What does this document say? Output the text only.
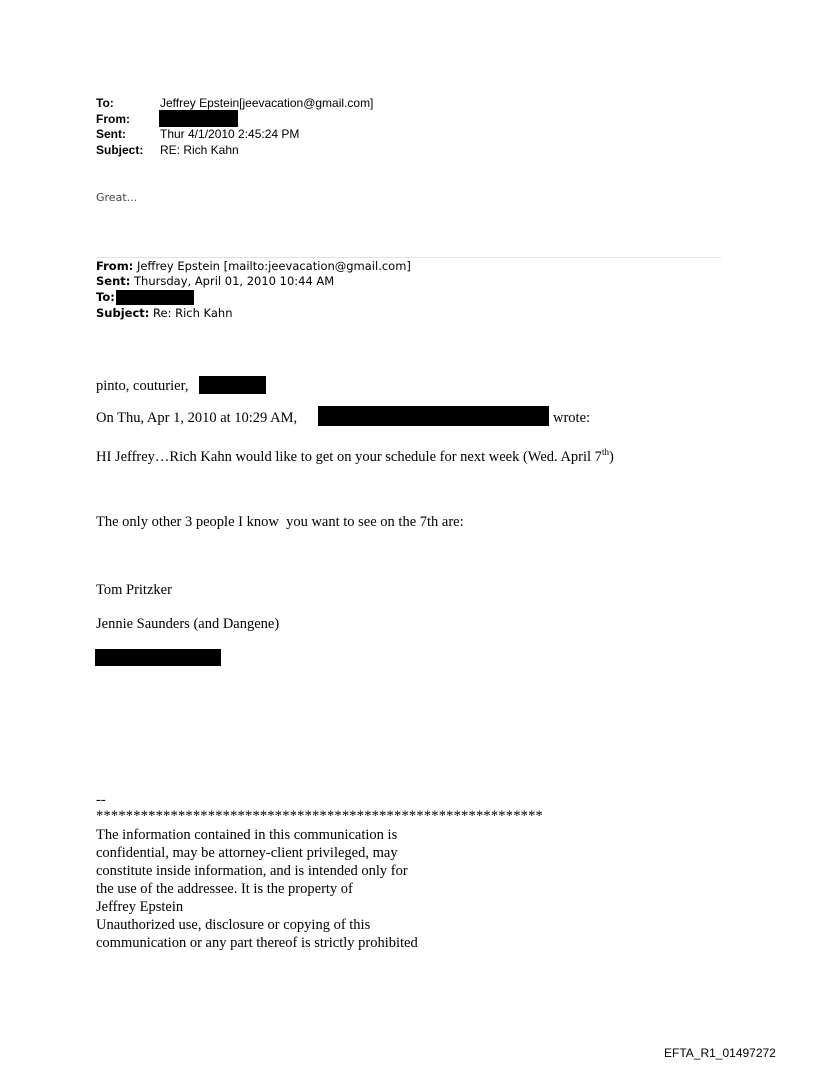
To:	Jeffrey Epstein[jeevacation@gmail.com]
From:
Sent:	Thur 4/1/2010 2:45:24 PM
Subject: RE: Rich Kahn
Great...
From: Jeffrey Epstein [mailto:jeevacation@gmail.com]
Sent: Thursday, April 01, 2010 10:44 AM
To:
Subject: Re: Rich Kahn
pinto, couturier,
On Thu, Apr 1, 2010 at 10:29 AM,	wrote:
HI Jeffrey…Rich Kahn would like to get on your schedule for next week (Wed. April 7th)
The only other 3 people I know  you want to see on the 7th are:
Tom Pritzker
Jennie Saunders (and Dangene)
--
************************************************************
The information contained in this communication is
confidential, may be attorney-client privileged, may
constitute inside information, and is intended only for
the use of the addressee. It is the property of
Jeffrey Epstein
Unauthorized use, disclosure or copying of this
communication or any part thereof is strictly prohibited
EFTA_R1_01497272
